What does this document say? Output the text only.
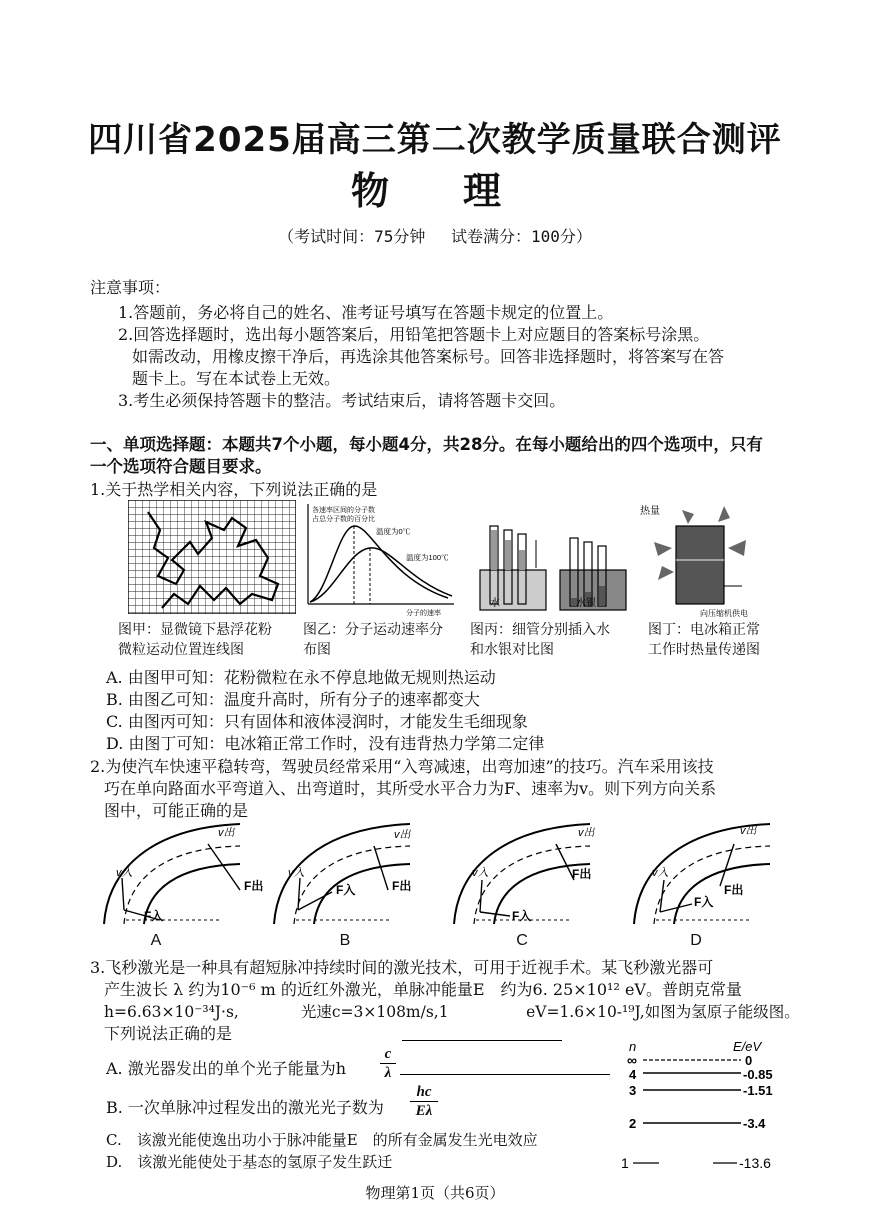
四川省2025届高三第二次教学质量联合测评
物　理
（考试时间：75分钟　 试卷满分：100分）
注意事项：
1.答题前，务必将自己的姓名、准考证号填写在答题卡规定的位置上。
2.回答选择题时，选出每小题答案后，用铅笔把答题卡上对应题目的答案标号涂黑。
如需改动，用橡皮擦干净后，再选涂其他答案标号。回答非选择题时，将答案写在答
题卡上。写在本试卷上无效。
3.考生必须保持答题卡的整洁。考试结束后，请将答题卡交回。
一、单项选择题：本题共7个小题，每小题4分，共28分。在每小题给出的四个选项中，只有
一个选项符合题目要求。
1.关于热学相关内容，下列说法正确的是
图甲：显微镜下悬浮花粉
微粒运动位置连线图
各速率区间的分子数
占总分子数的百分比
温度为0℃
温度为100℃
分子的速率
图乙：分子运动速率分
布图
水	水银
图丙：细管分别插入水
和水银对比图
热量
向压缩机供电
图丁：电冰箱正常
工作时热量传递图
A. 由图甲可知：花粉微粒在永不停息地做无规则热运动
B. 由图乙可知：温度升高时，所有分子的速率都变大
C. 由图丙可知：只有固体和液体浸润时，才能发生毛细现象
D. 由图丁可知：电冰箱正常工作时，没有违背热力学第二定律
2.为使汽车快速平稳转弯，驾驶员经常采用“入弯减速，出弯加速”的技巧。汽车采用该技
巧在单向路面水平弯道入、出弯道时，其所受水平合力为F、速率为v。则下列方向关系
图中，可能正确的是
F出
F入
v出
v入
F出
F入
v出
v入	F出
F入
v出
v入
F出
F入
v出
v入
A	B	C	D
3.飞秒激光是一种具有超短脉冲持续时间的激光技术，可用于近视手术。某飞秒激光器可
产生波长 λ 约为10⁻⁶ m 的近红外激光，单脉冲能量E　约为6. 25×10¹² eV。普朗克常量
h=6.63×10⁻³⁴J·s,　　　　光速c=3×108m/s,1　　　　　eV=1.6×10-¹⁹J,如图为氢原子能级图。
下列说法正确的是
A. 激光器发出的单个光子能量为h $\frac{c}{\lambda}$
B. 一次单脉冲过程发出的激光光子数为 $\frac{hc}{E\lambda}$
C.　该激光能使逸出功小于脉冲能量E　的所有金属发生光电效应
D.　该激光能使处于基态的氢原子发生跃迁
n	E/eV
∞	0
4	-0.85
3	-1.51
2	-3.4
1	-13.6
物理第1页（共6页）
